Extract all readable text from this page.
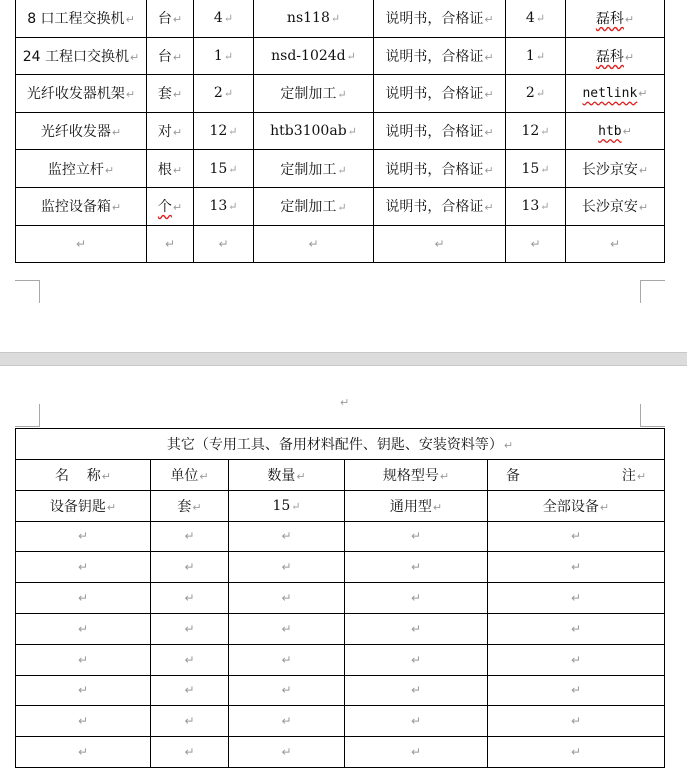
8 口工程交换机↵	台↵	4↵	ns118↵	说明书，合格证↵	4↵	磊科↵
24 工程口交换机↵	台↵	1↵	nsd-1024d↵	说明书，合格证↵	1↵	磊科↵
光纤收发器机架↵	套↵	2↵	定制加工↵	说明书，合格证↵	2↵	netlink↵
光纤收发器↵	对↵	12↵	htb3100ab↵	说明书，合格证↵	12↵	htb↵
监控立杆↵	根↵	15↵	定制加工↵	说明书，合格证↵	15↵	长沙京安↵
监控设备箱↵	个↵	13↵	定制加工↵	说明书，合格证↵	13↵	长沙京安↵
↵	↵	↵	↵	↵	↵	↵
↵
其它（专用工具、备用材料配件、钥匙、安装资料等）↵				
名 称↵	单位↵	数量↵	规格型号↵	备 注↵

设备钥匙↵	套↵	15↵	通用型↵	全部设备↵
↵	↵	↵	↵	↵
↵	↵	↵	↵	↵
↵	↵	↵	↵	↵
↵	↵	↵	↵	↵
↵	↵	↵	↵	↵
↵	↵	↵	↵	↵
↵	↵	↵	↵	↵
↵	↵	↵	↵	↵
